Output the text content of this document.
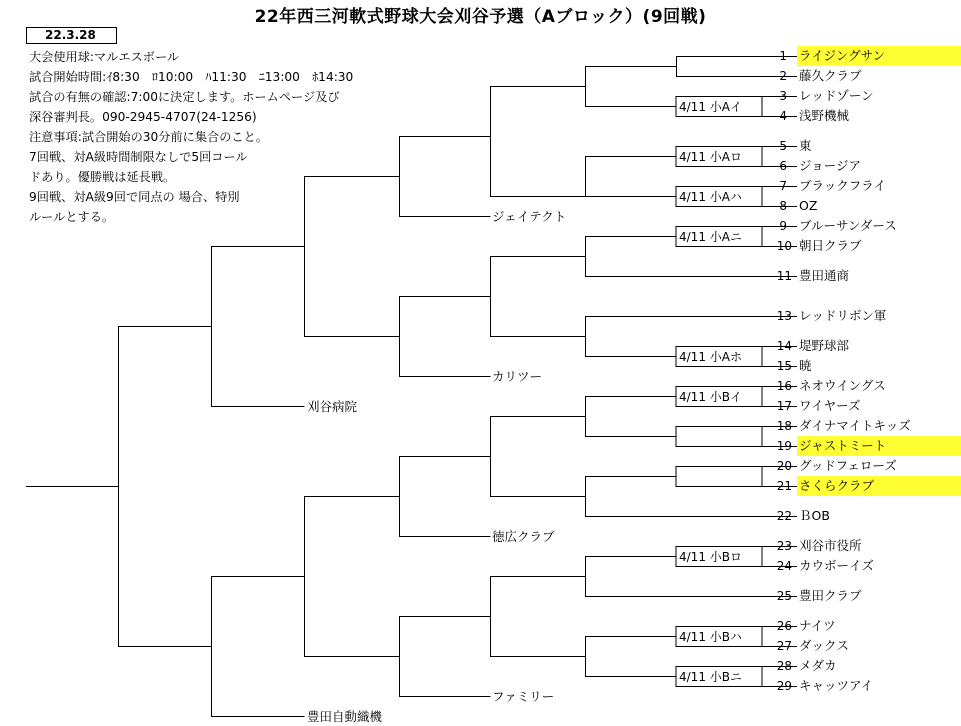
22年西三河軟式野球大会刈谷予選（Aブロック）(9回戦)
22.3.28
大会使用球:マルエスボール
試合開始時間:ｲ8:30　ﾛ10:00　ﾊ11:30　ﾆ13:00　ﾎ14:30
試合の有無の確認:7:00に決定します。ホームページ及び
深谷審判長。090-2945-4707(24-1256)
注意事項:試合開始の30分前に集合のこと。
7回戦、対A級時間制限なしで5回コール
ドあり。優勝戦は延長戦。
9回戦、対A級9回で同点の 場合、特別
ルールとする。
1 ライジングサン
2 藤久クラブ
3 レッドゾーン
4 浅野機械
5 東
6 ジョージア
7 ブラックフライ
8 OZ
9 ブルーサンダース
10 朝日クラブ
11 豊田通商
13 レッドリボン軍
14 堤野球部
15 暁
16 ネオウイングス
17 ワイヤーズ
18 ダイナマイトキッズ
19 ジャストミート
20 グッドフェローズ
21 さくらクラブ
22 ＢOB
23 刈谷市役所
24 カウボーイズ
25 豊田クラブ
26 ナイツ
27 ダックス
28 メダカ
29 キャッツアイ
4/11 小Aイ
4/11 小Aロ
4/11 小Aハ
4/11 小Aニ
4/11 小Aホ
4/11 小Bイ
4/11 小Bロ
4/11 小Bハ
4/11 小Bニ
ジェイテクト
カリツー
徳広クラブ
ファミリー
刈谷病院
豊田自動織機
